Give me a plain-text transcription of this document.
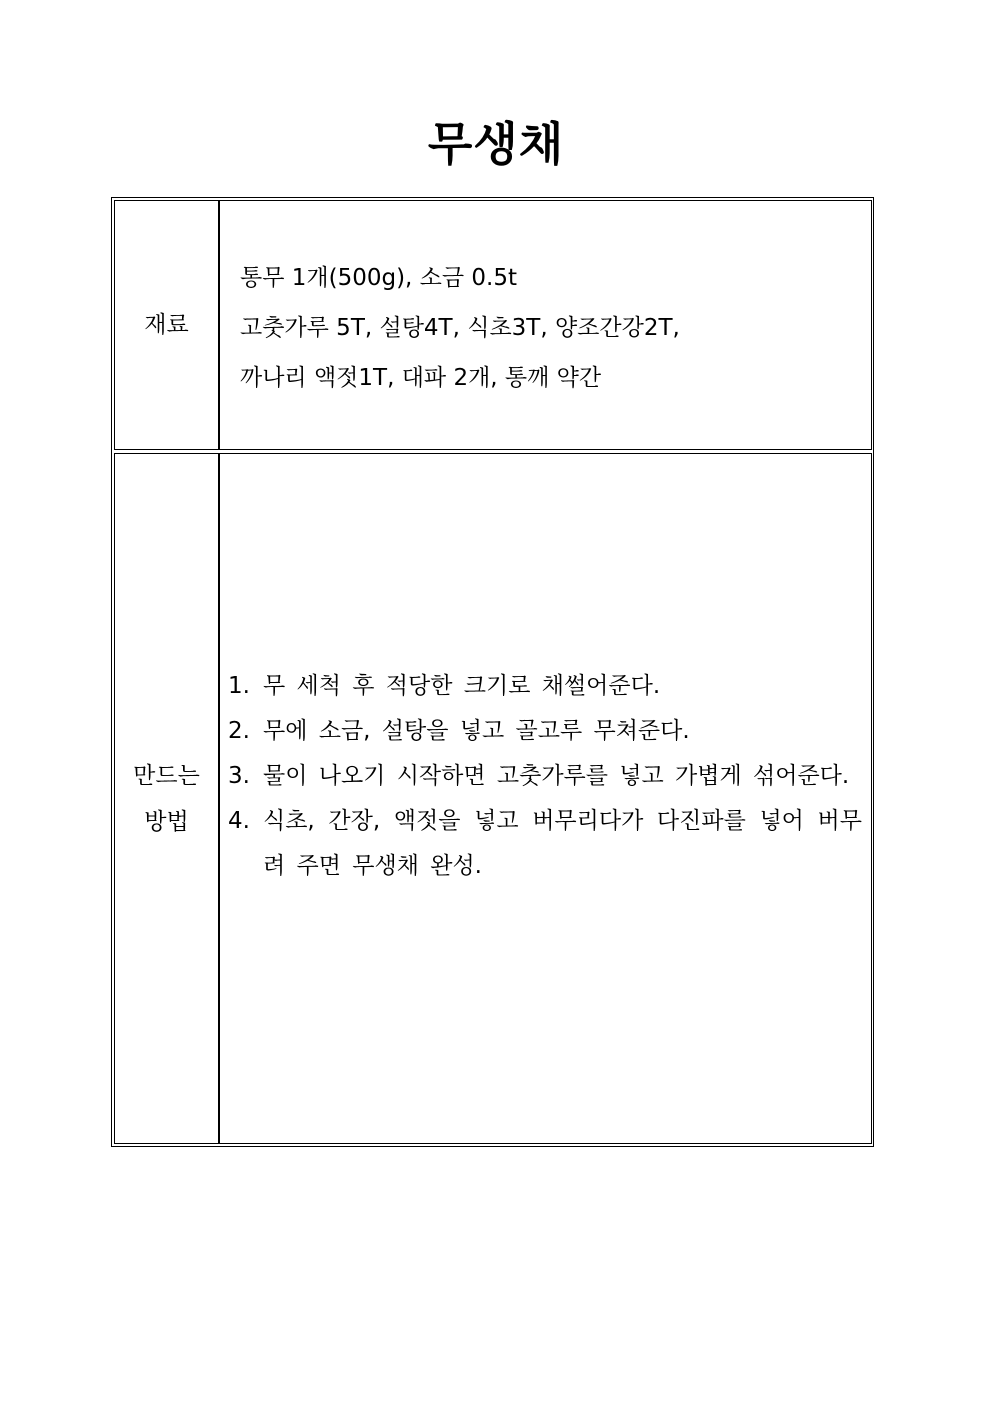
무생채
재료
통무 1개(500g), 소금 0.5t
고춧가루 5T, 설탕4T, 식초3T, 양조간강2T,
까나리 액젓1T, 대파 2개, 통깨 약간
만드는
방법
1. 무 세척 후 적당한 크기로 채썰어준다.
2. 무에 소금, 설탕을 넣고 골고루 무쳐준다.
3. 물이 나오기 시작하면 고춧가루를 넣고 가볍게 섞어준다.
4. 식초, 간장, 액젓을 넣고 버무리다가 다진파를 넣어 버무려 주면 무생채 완성.
